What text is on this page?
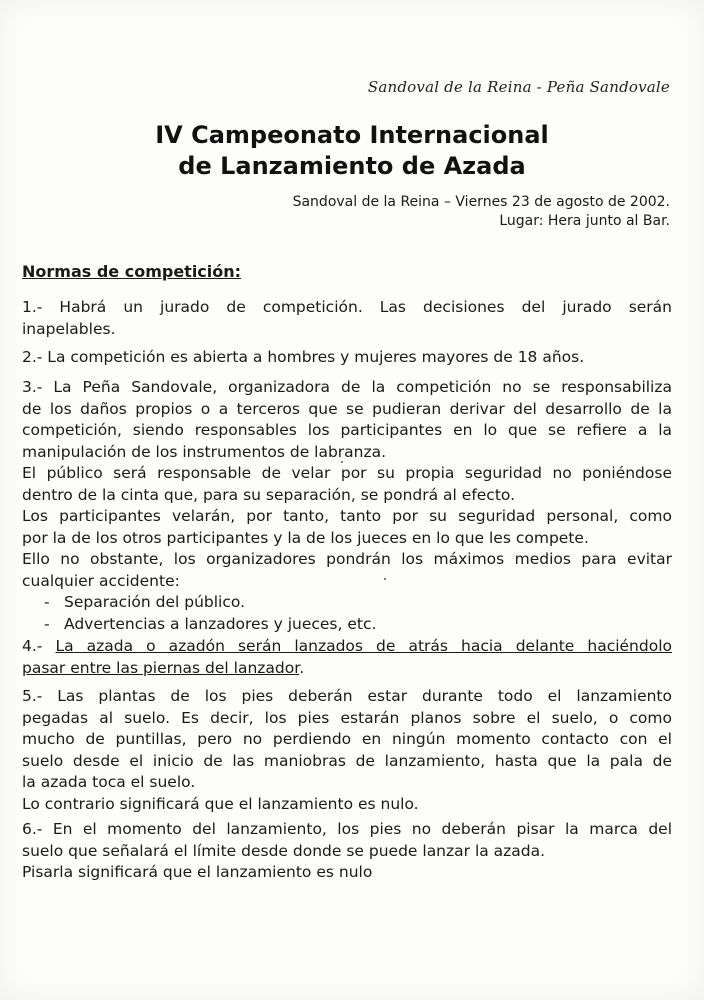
Sandoval de la Reina - Peña Sandovale
IV Campeonato Internacional
de Lanzamiento de Azada
Sandoval de la Reina – Viernes 23 de agosto de 2002.
Lugar: Hera junto al Bar.
Normas de competición:
1.- Habrá un jurado de competición. Las decisiones del jurado serán
inapelables.
2.- La competición es abierta a hombres y mujeres mayores de 18 años.
3.- La Peña Sandovale, organizadora de la competición no se responsabiliza
de los daños propios o a terceros que se pudieran derivar del desarrollo de la
competición, siendo responsables los participantes en lo que se refiere a la
manipulación de los instrumentos de labranza.
El público será responsable de velar por su propia seguridad no poniéndose
dentro de la cinta que, para su separación, se pondrá al efecto.
Los participantes velarán, por tanto, tanto por su seguridad personal, como
por la de los otros participantes y la de los jueces en lo que les compete.
Ello no obstante, los organizadores pondrán los máximos medios para evitar
cualquier accidente:
- Separación del público.
- Advertencias a lanzadores y jueces, etc.
4.- La azada o azadón serán lanzados de atrás hacia delante haciéndolo
pasar entre las piernas del lanzador.
5.- Las plantas de los pies deberán estar durante todo el lanzamiento
pegadas al suelo. Es decir, los pies estarán planos sobre el suelo, o como
mucho de puntillas, pero no perdiendo en ningún momento contacto con el
suelo desde el inicio de las maniobras de lanzamiento, hasta que la pala de
la azada toca el suelo.
Lo contrario significará que el lanzamiento es nulo.
6.- En el momento del lanzamiento, los pies no deberán pisar la marca del
suelo que señalará el límite desde donde se puede lanzar la azada.
Pisarla significará que el lanzamiento es nulo
